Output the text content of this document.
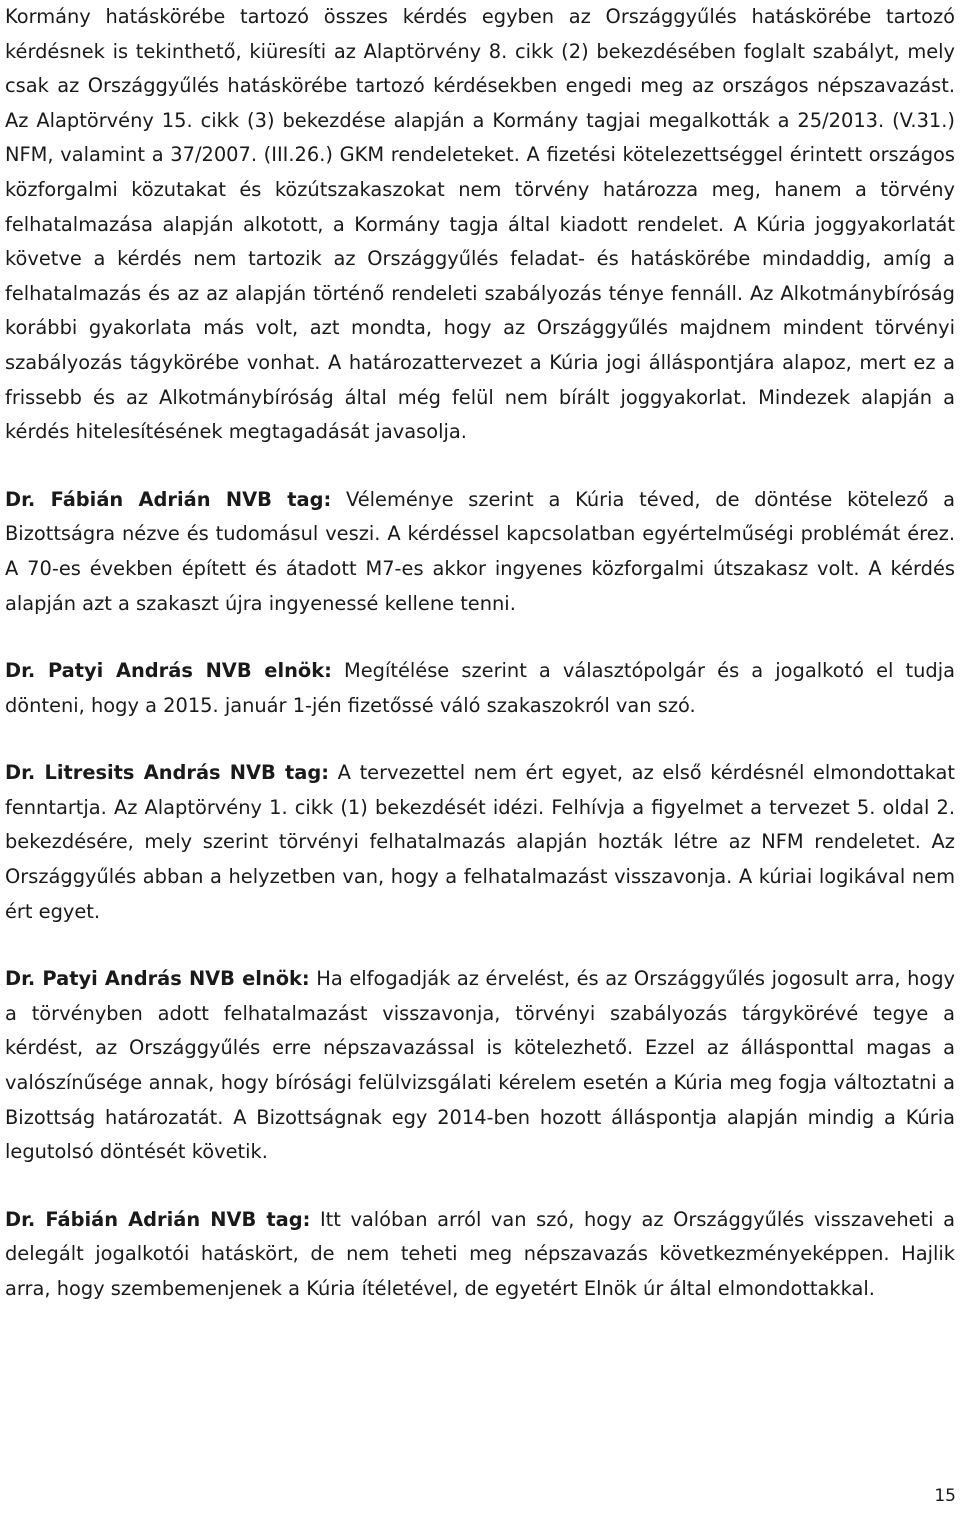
Kormány hatáskörébe tartozó összes kérdés egyben az Országgyűlés hatáskörébe tartozó kérdésnek is tekinthető, kiüresíti az Alaptörvény 8. cikk (2) bekezdésében foglalt szabályt, mely csak az Országgyűlés hatáskörébe tartozó kérdésekben engedi meg az országos népszavazást. Az Alaptörvény 15. cikk (3) bekezdése alapján a Kormány tagjai megalkották a 25/2013. (V.31.) NFM, valamint a 37/2007. (III.26.) GKM rendeleteket. A fizetési kötelezettséggel érintett országos közforgalmi közutakat és közútszakaszokat nem törvény határozza meg, hanem a törvény felhatalmazása alapján alkotott, a Kormány tagja által kiadott rendelet. A Kúria joggyakorlatát követve a kérdés nem tartozik az Országgyűlés feladat- és hatáskörébe mindaddig, amíg a felhatalmazás és az az alapján történő rendeleti szabályozás ténye fennáll. Az Alkotmánybíróság korábbi gyakorlata más volt, azt mondta, hogy az Országgyűlés majdnem mindent törvényi szabályozás tágykörébe vonhat. A határozattervezet a Kúria jogi álláspontjára alapoz, mert ez a frissebb és az Alkotmánybíróság által még felül nem bírált joggyakorlat. Mindezek alapján a kérdés hitelesítésének megtagadását javasolja.

Dr. Fábián Adrián NVB tag: Véleménye szerint a Kúria téved, de döntése kötelező a Bizottságra nézve és tudomásul veszi. A kérdéssel kapcsolatban egyértelműségi problémát érez. A 70-es években épített és átadott M7-es akkor ingyenes közforgalmi útszakasz volt. A kérdés alapján azt a szakaszt újra ingyenessé kellene tenni.

Dr. Patyi András NVB elnök: Megítélése szerint a választópolgár és a jogalkotó el tudja dönteni, hogy a 2015. január 1-jén fizetőssé váló szakaszokról van szó.

Dr. Litresits András NVB tag: A tervezettel nem ért egyet, az első kérdésnél elmondottakat fenntartja. Az Alaptörvény 1. cikk (1) bekezdését idézi. Felhívja a figyelmet a tervezet 5. oldal 2. bekezdésére, mely szerint törvényi felhatalmazás alapján hozták létre az NFM rendeletet. Az Országgyűlés abban a helyzetben van, hogy a felhatalmazást visszavonja. A kúriai logikával nem ért egyet.

Dr. Patyi András NVB elnök: Ha elfogadják az érvelést, és az Országgyűlés jogosult arra, hogy a törvényben adott felhatalmazást visszavonja, törvényi szabályozás tárgykörévé tegye a kérdést, az Országgyűlés erre népszavazással is kötelezhető. Ezzel az állásponttal magas a valószínűsége annak, hogy bírósági felülvizsgálati kérelem esetén a Kúria meg fogja változtatni a Bizottság határozatát. A Bizottságnak egy 2014-ben hozott álláspontja alapján mindig a Kúria legutolsó döntését követik.

Dr. Fábián Adrián NVB tag: Itt valóban arról van szó, hogy az Országgyűlés visszaveheti a delegált jogalkotói hatáskört, de nem teheti meg népszavazás következményeképpen. Hajlik arra, hogy szembemenjenek a Kúria ítéletével, de egyetért Elnök úr által elmondottakkal.

15
